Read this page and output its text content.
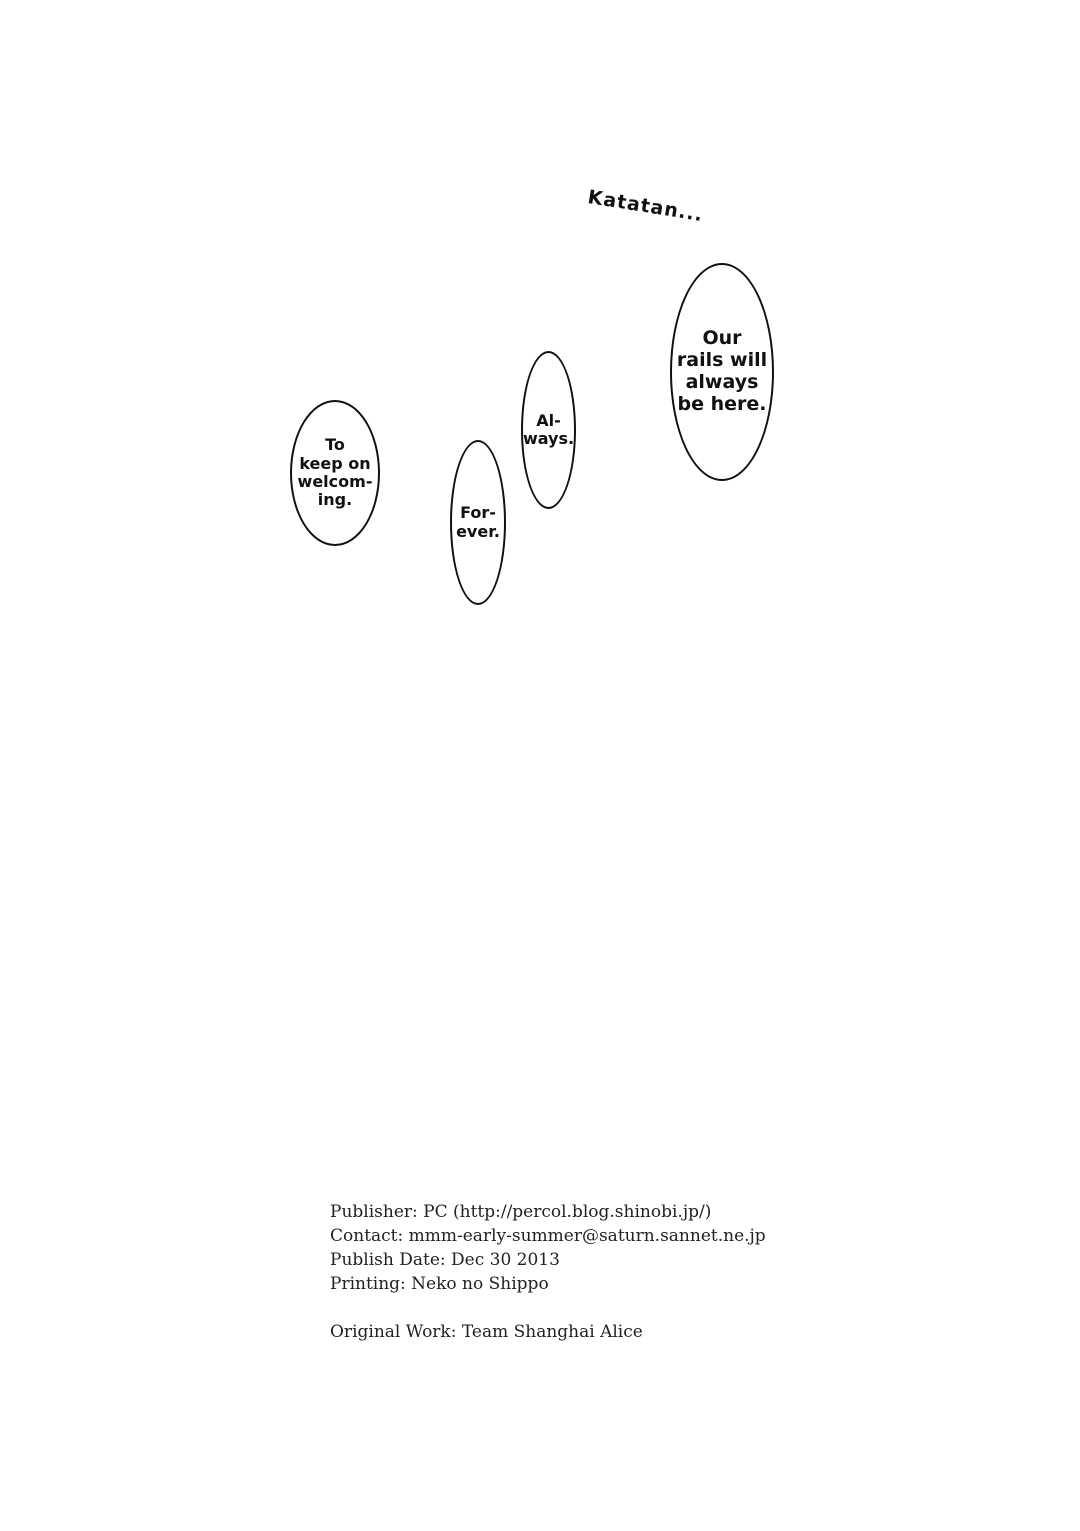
Katatan...
Our
rails will
always
be here.
Al-
ways.
To
keep on
welcom-
ing.
For-
ever.
Publisher: PC (http://percol.blog.shinobi.jp/)
Contact: mmm-early-summer@saturn.sannet.ne.jp
Publish Date: Dec 30 2013
Printing: Neko no Shippo
Original Work: Team Shanghai Alice
